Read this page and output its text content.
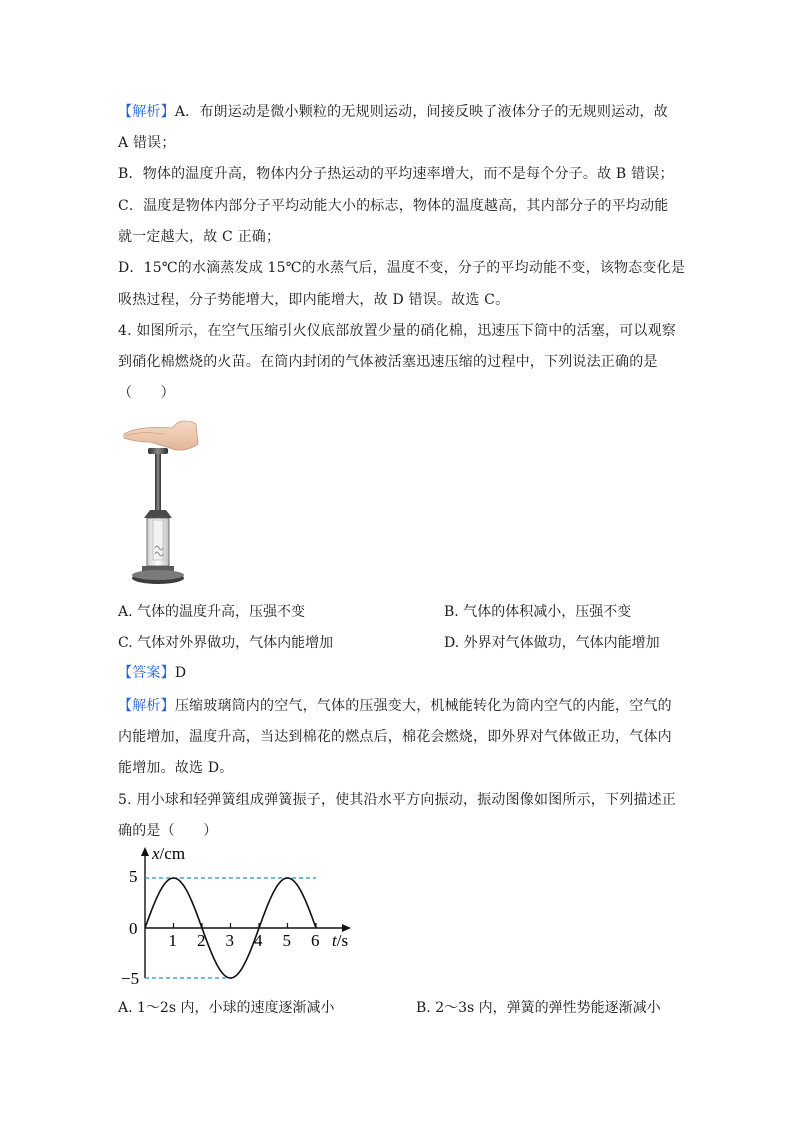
【解析】A．布朗运动是微小颗粒的无规则运动，间接反映了液体分子的无规则运动，故
A 错误；
B．物体的温度升高，物体内分子热运动的平均速率增大，而不是每个分子。故 B 错误；
C．温度是物体内部分子平均动能大小的标志，物体的温度越高，其内部分子的平均动能
就一定越大，故 C 正确；
D．15℃的水滴蒸发成 15℃的水蒸气后，温度不变，分子的平均动能不变，该物态变化是
吸热过程，分子势能增大，即内能增大，故 D 错误。故选 C。
4. 如图所示，在空气压缩引火仪底部放置少量的硝化棉，迅速压下筒中的活塞，可以观察
到硝化棉燃烧的火苗。在筒内封闭的气体被活塞迅速压缩的过程中，下列说法正确的是
（　　）
A. 气体的温度升高，压强不变	B. 气体的体积减小，压强不变
C. 气体对外界做功，气体内能增加	D. 外界对气体做功，气体内能增加
【答案】D
【解析】压缩玻璃筒内的空气，气体的压强变大，机械能转化为筒内空气的内能，空气的
内能增加，温度升高，当达到棉花的燃点后，棉花会燃烧，即外界对气体做正功，气体内
能增加。故选 D。
5. 用小球和轻弹簧组成弹簧振子，使其沿水平方向振动，振动图像如图所示，下列描述正
确的是（　　）
x/cm
t/s
5
0
−5
1 2 3 4 5 6
A. 1～2s 内，小球的速度逐渐减小	B. 2～3s 内，弹簧的弹性势能逐渐减小
